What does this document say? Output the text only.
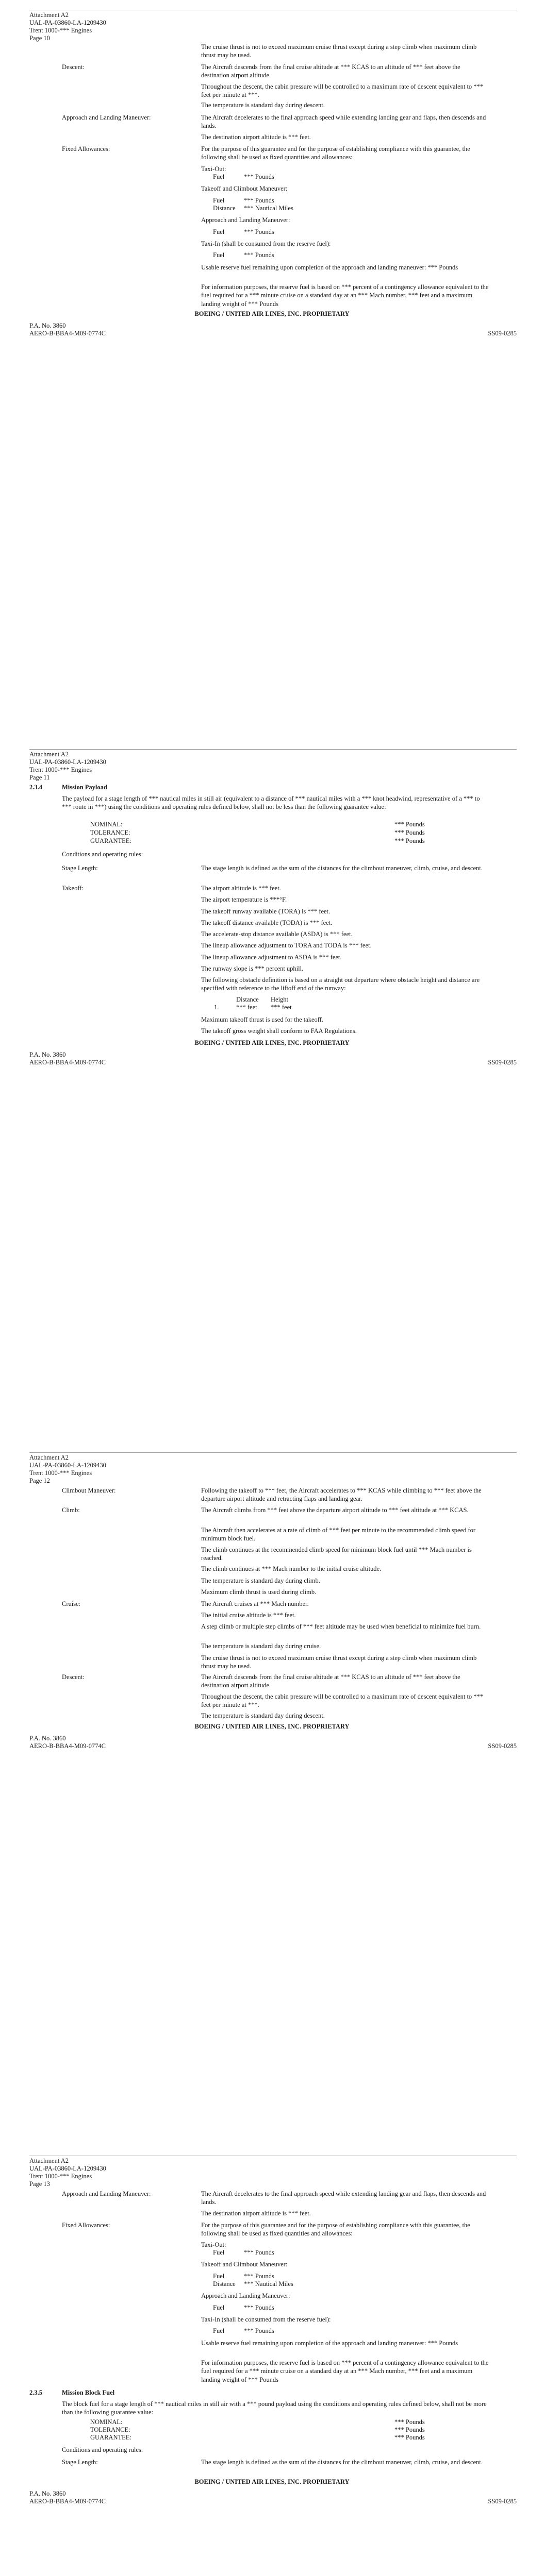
Attachment A2
UAL-PA-03860-LA-1209430
Trent 1000-*** Engines
Page 10
The cruise thrust is not to exceed maximum cruise thrust except during a step climb when maximum climb thrust may be used.
Descent:	The Aircraft descends from the final cruise altitude at *** KCAS to an altitude of *** feet above the destination airport altitude.
Throughout the descent, the cabin pressure will be controlled to a maximum rate of descent equivalent to *** feet per minute at ***.
The temperature is standard day during descent.
Approach and Landing Maneuver:	The Aircraft decelerates to the final approach speed while extending landing gear and flaps, then descends and lands.
The destination airport altitude is *** feet.
Fixed Allowances:	For the purpose of this guarantee and for the purpose of establishing compliance with this guarantee, the following shall be used as fixed quantities and allowances:
Taxi-Out:
Fuel	*** Pounds
Takeoff and Climbout Maneuver:
Fuel	*** Pounds
Distance *** Nautical Miles
Approach and Landing Maneuver:
Fuel	*** Pounds
Taxi-In (shall be consumed from the reserve fuel):
Fuel	*** Pounds
Usable reserve fuel remaining upon completion of the approach and landing maneuver: *** Pounds
For information purposes, the reserve fuel is based on *** percent of a contingency allowance equivalent to the fuel required for a *** minute cruise on a standard day at an *** Mach number, *** feet and a maximum landing weight of *** Pounds
BOEING / UNITED AIR LINES, INC. PROPRIETARY
P.A. No. 3860
AERO-B-BBA4-M09-0774C	SS09-0285
Attachment A2
UAL-PA-03860-LA-1209430
Trent 1000-*** Engines
Page 11
2.3.4	Mission Payload
The payload for a stage length of *** nautical miles in still air (equivalent to a distance of *** nautical miles with a *** knot headwind, representative of a *** to *** route in ***) using the conditions and operating rules defined below, shall not be less than the following guarantee value:
NOMINAL:	*** Pounds
TOLERANCE:	*** Pounds
GUARANTEE:	*** Pounds
Conditions and operating rules:
Stage Length:	The stage length is defined as the sum of the distances for the climbout maneuver, climb, cruise, and descent.
Takeoff:	The airport altitude is *** feet.
The airport temperature is ***°F.
The takeoff runway available (TORA) is *** feet.
The takeoff distance available (TODA) is *** feet.
The accelerate-stop distance available (ASDA) is *** feet.
The lineup allowance adjustment to TORA and TODA is *** feet.
The lineup allowance adjustment to ASDA is *** feet.
The runway slope is *** percent uphill.
The following obstacle definition is based on a straight out departure where obstacle height and distance are specified with reference to the liftoff end of the runway:
Distance Height
1.	*** feet *** feet
Maximum takeoff thrust is used for the takeoff.
The takeoff gross weight shall conform to FAA Regulations.
BOEING / UNITED AIR LINES, INC. PROPRIETARY
P.A. No. 3860
AERO-B-BBA4-M09-0774C	SS09-0285
Attachment A2
UAL-PA-03860-LA-1209430
Trent 1000-*** Engines
Page 12
Climbout Maneuver:	Following the takeoff to *** feet, the Aircraft accelerates to *** KCAS while climbing to *** feet above the departure airport altitude and retracting flaps and landing gear.
Climb:	The Aircraft climbs from *** feet above the departure airport altitude to *** feet altitude at *** KCAS.
The Aircraft then accelerates at a rate of climb of *** feet per minute to the recommended climb speed for minimum block fuel.
The climb continues at the recommended climb speed for minimum block fuel until *** Mach number is reached.
The climb continues at *** Mach number to the initial cruise altitude.
The temperature is standard day during climb.
Maximum climb thrust is used during climb.
Cruise:	The Aircraft cruises at *** Mach number.
The initial cruise altitude is *** feet.
A step climb or multiple step climbs of *** feet altitude may be used when beneficial to minimize fuel burn.
The temperature is standard day during cruise.
The cruise thrust is not to exceed maximum cruise thrust except during a step climb when maximum climb thrust may be used.
Descent:	The Aircraft descends from the final cruise altitude at *** KCAS to an altitude of *** feet above the destination airport altitude.
Throughout the descent, the cabin pressure will be controlled to a maximum rate of descent equivalent to *** feet per minute at ***.
The temperature is standard day during descent.
BOEING / UNITED AIR LINES, INC. PROPRIETARY
P.A. No. 3860
AERO-B-BBA4-M09-0774C	SS09-0285
Attachment A2
UAL-PA-03860-LA-1209430
Trent 1000-*** Engines
Page 13
Approach and Landing Maneuver:	The Aircraft decelerates to the final approach speed while extending landing gear and flaps, then descends and lands.
The destination airport altitude is *** feet.
Fixed Allowances:	For the purpose of this guarantee and for the purpose of establishing compliance with this guarantee, the following shall be used as fixed quantities and allowances:
Taxi-Out:
Fuel	*** Pounds
Takeoff and Climbout Maneuver:
Fuel	*** Pounds
Distance *** Nautical Miles
Approach and Landing Maneuver:
Fuel	*** Pounds
Taxi-In (shall be consumed from the reserve fuel):
Fuel	*** Pounds
Usable reserve fuel remaining upon completion of the approach and landing maneuver: *** Pounds
For information purposes, the reserve fuel is based on *** percent of a contingency allowance equivalent to the fuel required for a *** minute cruise on a standard day at an *** Mach number, *** feet and a maximum landing weight of *** Pounds
2.3.5	Mission Block Fuel
The block fuel for a stage length of *** nautical miles in still air with a *** pound payload using the conditions and operating rules defined below, shall not be more than the following guarantee value:
NOMINAL:	*** Pounds
TOLERANCE:	*** Pounds
GUARANTEE:	*** Pounds
Conditions and operating rules:
Stage Length:	The stage length is defined as the sum of the distances for the climbout maneuver, climb, cruise, and descent.
BOEING / UNITED AIR LINES, INC. PROPRIETARY
P.A. No. 3860
AERO-B-BBA4-M09-0774C	SS09-0285
